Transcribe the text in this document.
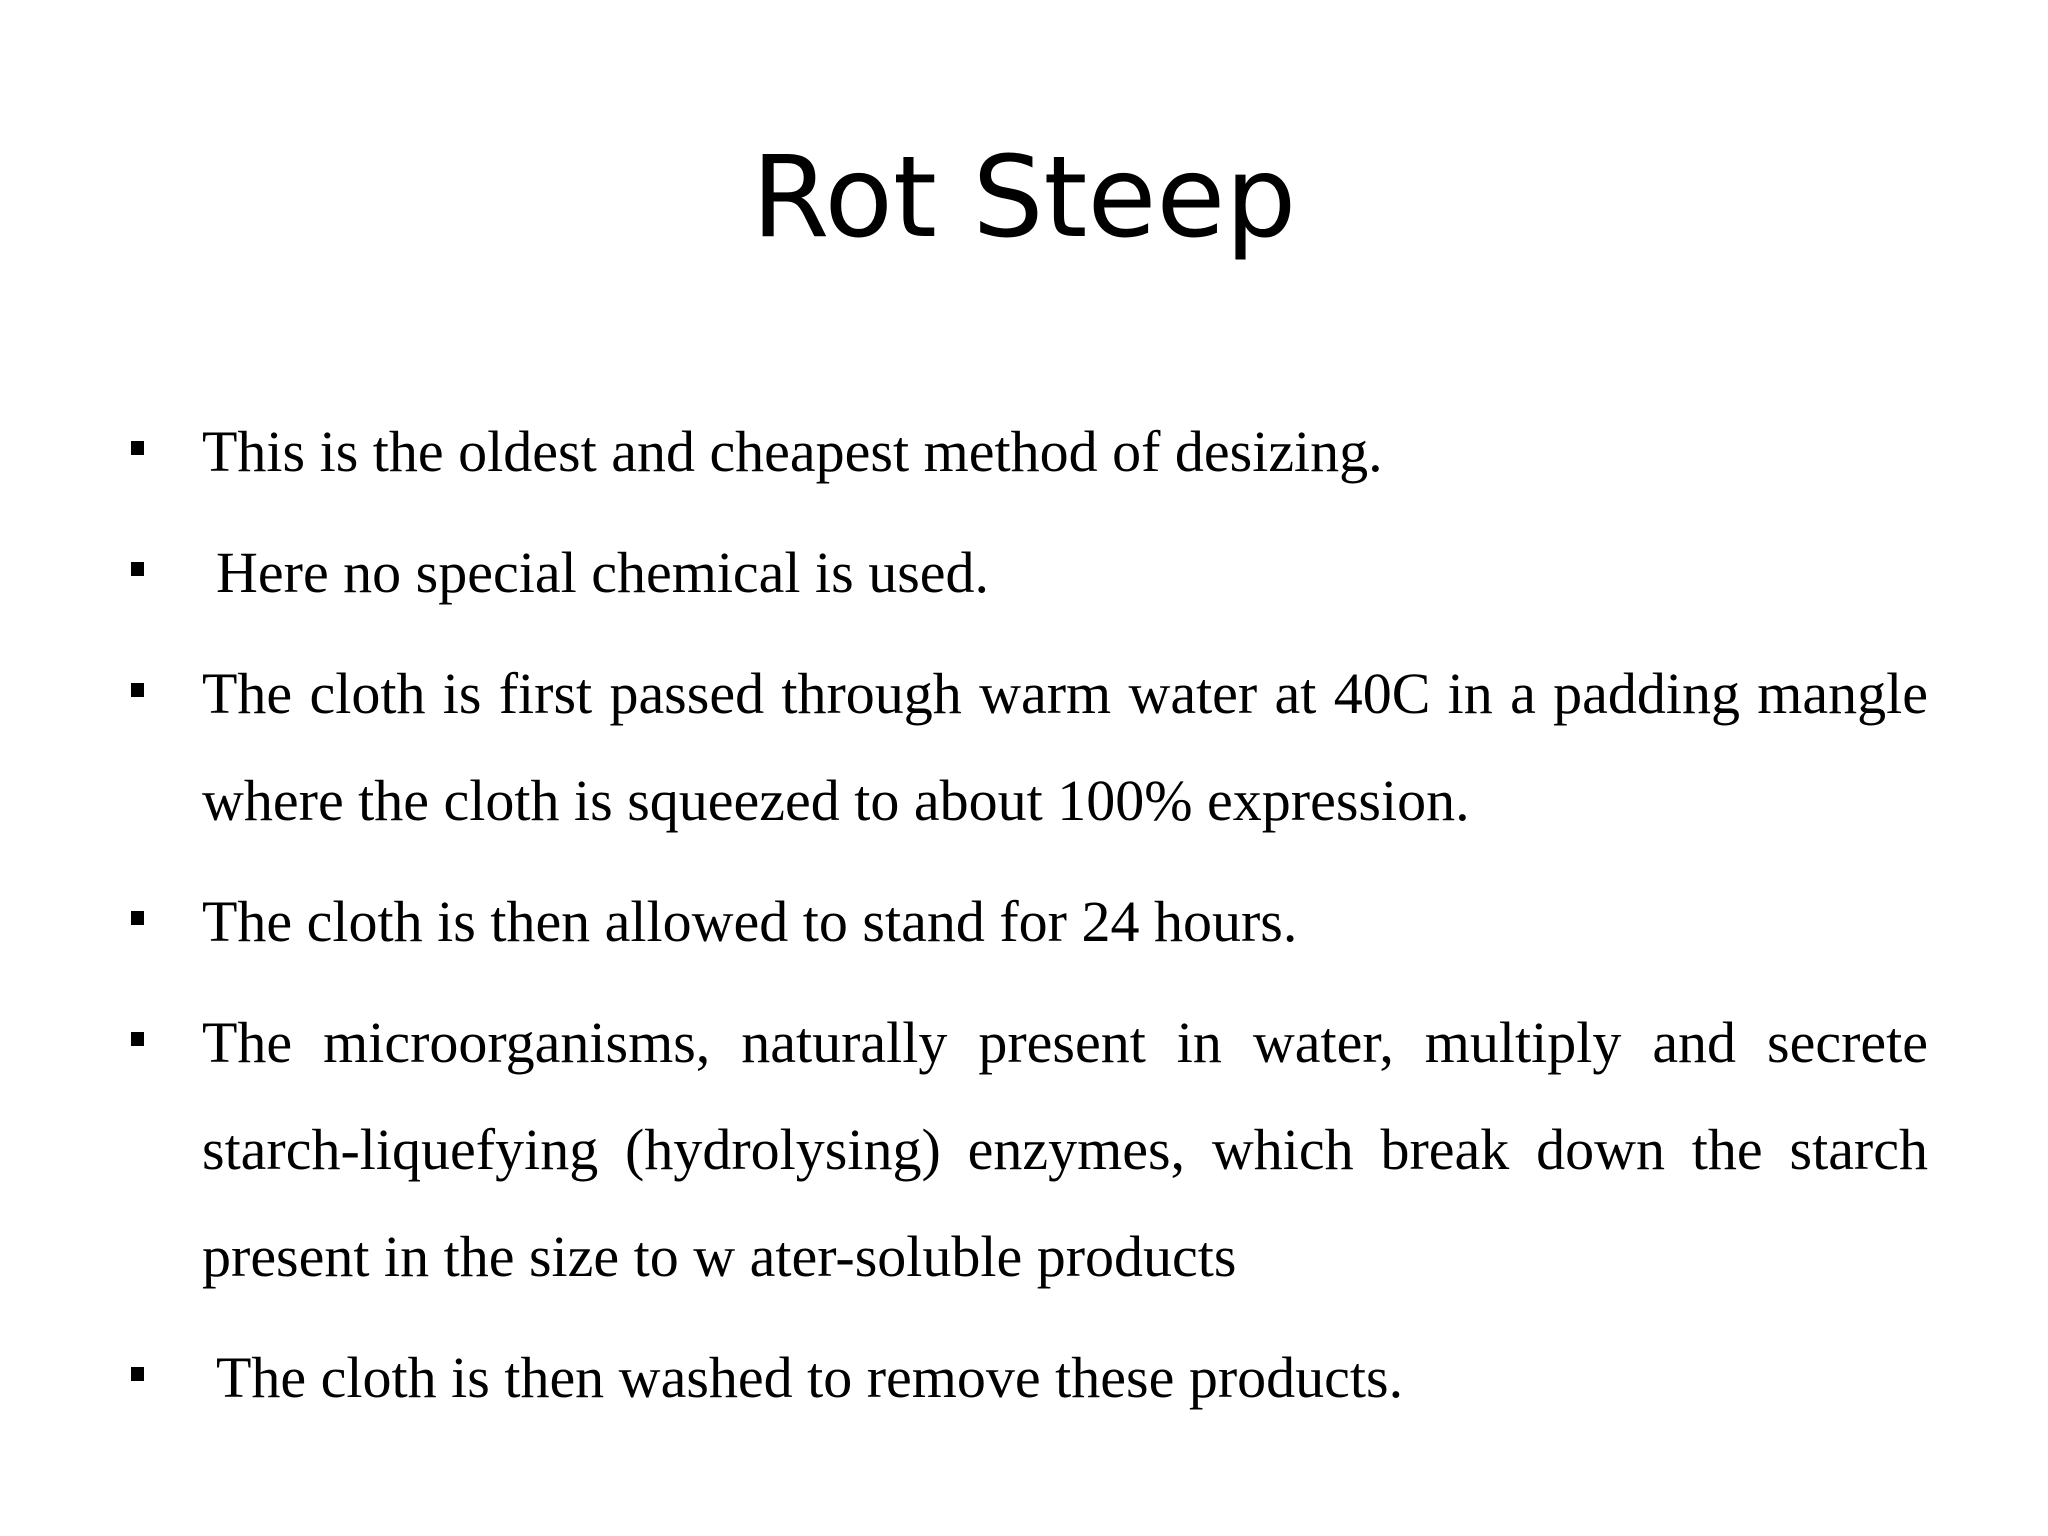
Rot Steep
This is the oldest and cheapest method of desizing.
Here no special chemical is used.
The cloth is first passed through warm water at 40C in a padding mangle where the cloth is squeezed to about 100% expression.
The cloth is then allowed to stand for 24 hours.
The microorganisms, naturally present in water, multiply and secrete starch-liquefying (hydrolysing) enzymes, which break down the starch present in the size to w ater-soluble products
The cloth is then washed to remove these products.
